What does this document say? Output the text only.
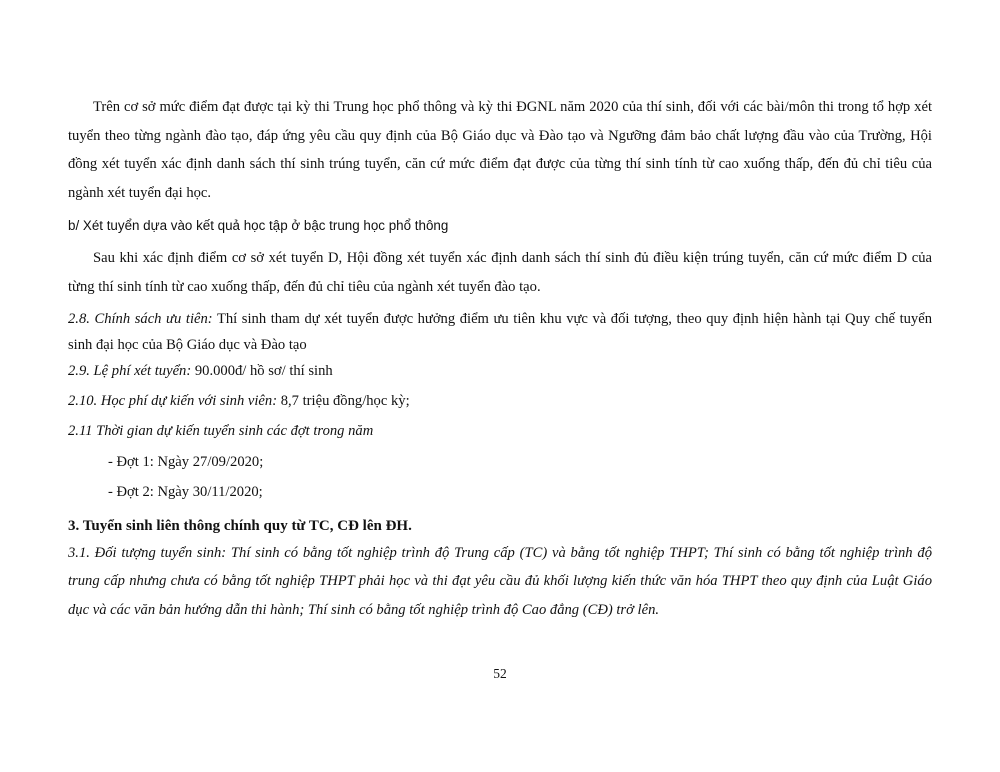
Trên cơ sở mức điểm đạt được tại kỳ thi Trung học phổ thông và kỳ thi ĐGNL năm 2020 của thí sinh, đối với các bài/môn thi trong tổ hợp xét tuyển theo từng ngành đào tạo, đáp ứng yêu cầu quy định của Bộ Giáo dục và Đào tạo và Ngưỡng đảm bảo chất lượng đầu vào của Trường, Hội đồng xét tuyển xác định danh sách thí sinh trúng tuyển, căn cứ mức điểm đạt được của từng thí sinh tính từ cao xuống thấp, đến đủ chỉ tiêu của ngành xét tuyển đại học.

b/ Xét tuyển dựa vào kết quả học tập ở bậc trung học phổ thông

Sau khi xác định điểm cơ sở xét tuyển D, Hội đồng xét tuyển xác định danh sách thí sinh đủ điều kiện trúng tuyển, căn cứ mức điểm D của từng thí sinh tính từ cao xuống thấp, đến đủ chỉ tiêu của ngành xét tuyển đào tạo.

2.8. Chính sách ưu tiên: Thí sinh tham dự xét tuyển được hưởng điểm ưu tiên khu vực và đối tượng, theo quy định hiện hành tại Quy chế tuyển sinh đại học của Bộ Giáo dục và Đào tạo

2.9. Lệ phí xét tuyển: 90.000đ/ hồ sơ/ thí sinh

2.10. Học phí dự kiến với sinh viên: 8,7 triệu đồng/học kỳ;

2.11 Thời gian dự kiến tuyển sinh các đợt trong năm

- Đợt 1: Ngày 27/09/2020;

- Đợt 2: Ngày 30/11/2020;

3. Tuyển sinh liên thông chính quy từ TC, CĐ lên ĐH.

3.1. Đối tượng tuyển sinh: Thí sinh có bằng tốt nghiệp trình độ Trung cấp (TC) và bằng tốt nghiệp THPT; Thí sinh có bằng tốt nghiệp trình độ trung cấp nhưng chưa có bằng tốt nghiệp THPT phải học và thi đạt yêu cầu đủ khối lượng kiến thức văn hóa THPT theo quy định của Luật Giáo dục và các văn bản hướng dẫn thi hành; Thí sinh có bằng tốt nghiệp trình độ Cao đẳng (CĐ) trở lên.

52
